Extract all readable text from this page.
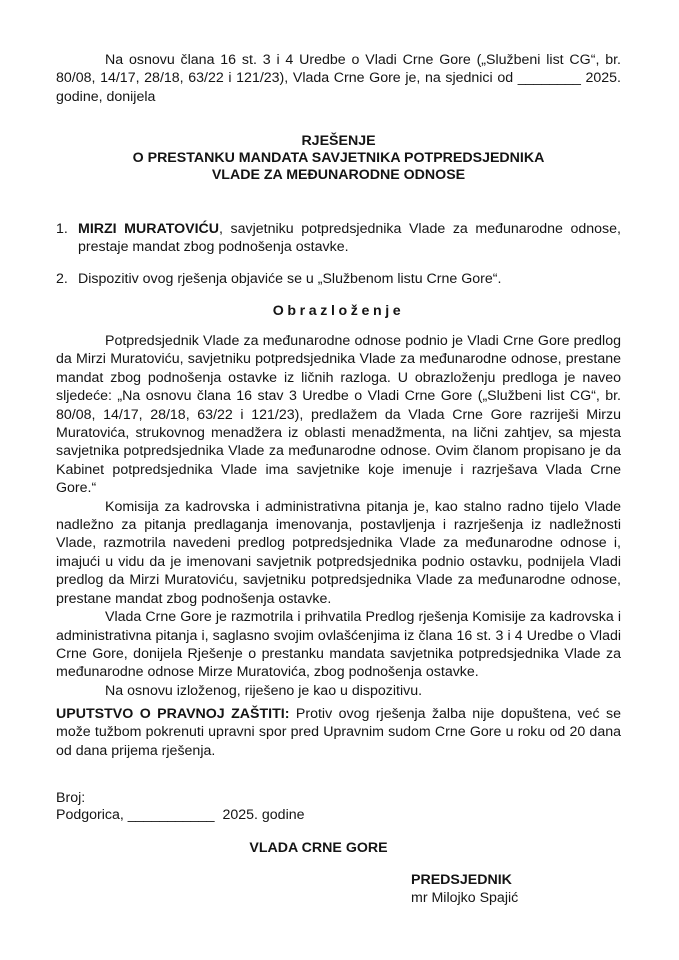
Na osnovu člana 16 st. 3 i 4 Uredbe o Vladi Crne Gore („Službeni list CG“, br. 80/08, 14/17, 28/18, 63/22 i 121/23), Vlada Crne Gore je, na sjednici od ________ 2025. godine, donijela

RJEŠENJE
O PRESTANKU MANDATA SAVJETNIKA POTPREDSJEDNIKA
VLADE ZA MEĐUNARODNE ODNOSE
1. MIRZI MURATOVIĆU, savjetniku potpredsjednika Vlade za međunarodne odnose, prestaje mandat zbog podnošenja ostavke.
2. Dispozitiv ovog rješenja objaviće se u „Službenom listu Crne Gore“.
Obrazloženje

Potpredsjednik Vlade za međunarodne odnose podnio je Vladi Crne Gore predlog da Mirzi Muratoviću, savjetniku potpredsjednika Vlade za međunarodne odnose, prestane mandat zbog podnošenja ostavke iz ličnih razloga. U obrazloženju predloga je naveo sljedeće: „Na osnovu člana 16 stav 3 Uredbe o Vladi Crne Gore („Službeni list CG“, br. 80/08, 14/17, 28/18, 63/22 i 121/23), predlažem da Vlada Crne Gore razriješi Mirzu Muratovića, strukovnog menadžera iz oblasti menadžmenta, na lični zahtjev, sa mjesta savjetnika potpredsjednika Vlade za međunarodne odnose. Ovim članom propisano je da Kabinet potpredsjednika Vlade ima savjetnike koje imenuje i razrješava Vlada Crne Gore.“

Komisija za kadrovska i administrativna pitanja je, kao stalno radno tijelo Vlade nadležno za pitanja predlaganja imenovanja, postavljenja i razrješenja iz nadležnosti Vlade, razmotrila navedeni predlog potpredsjednika Vlade za međunarodne odnose i, imajući u vidu da je imenovani savjetnik potpredsjednika podnio ostavku, podnijela Vladi predlog da Mirzi Muratoviću, savjetniku potpredsjednika Vlade za međunarodne odnose, prestane mandat zbog podnošenja ostavke.

Vlada Crne Gore je razmotrila i prihvatila Predlog rješenja Komisije za kadrovska i administrativna pitanja i, saglasno svojim ovlašćenjima iz člana 16 st. 3 i 4 Uredbe o Vladi Crne Gore, donijela Rješenje o prestanku mandata savjetnika potpredsjednika Vlade za međunarodne odnose Mirze Muratovića, zbog podnošenja ostavke.

Na osnovu izloženog, riješeno je kao u dispozitivu.

UPUTSTVO O PRAVNOJ ZAŠTITI: Protiv ovog rješenja žalba nije dopuštena, već se može tužbom pokrenuti upravni spor pred Upravnim sudom Crne Gore u roku od 20 dana od dana prijema rješenja.

Broj:
Podgorica, ___________  2025. godine
VLADA CRNE GORE
PREDSJEDNIK
mr Milojko Spajić
